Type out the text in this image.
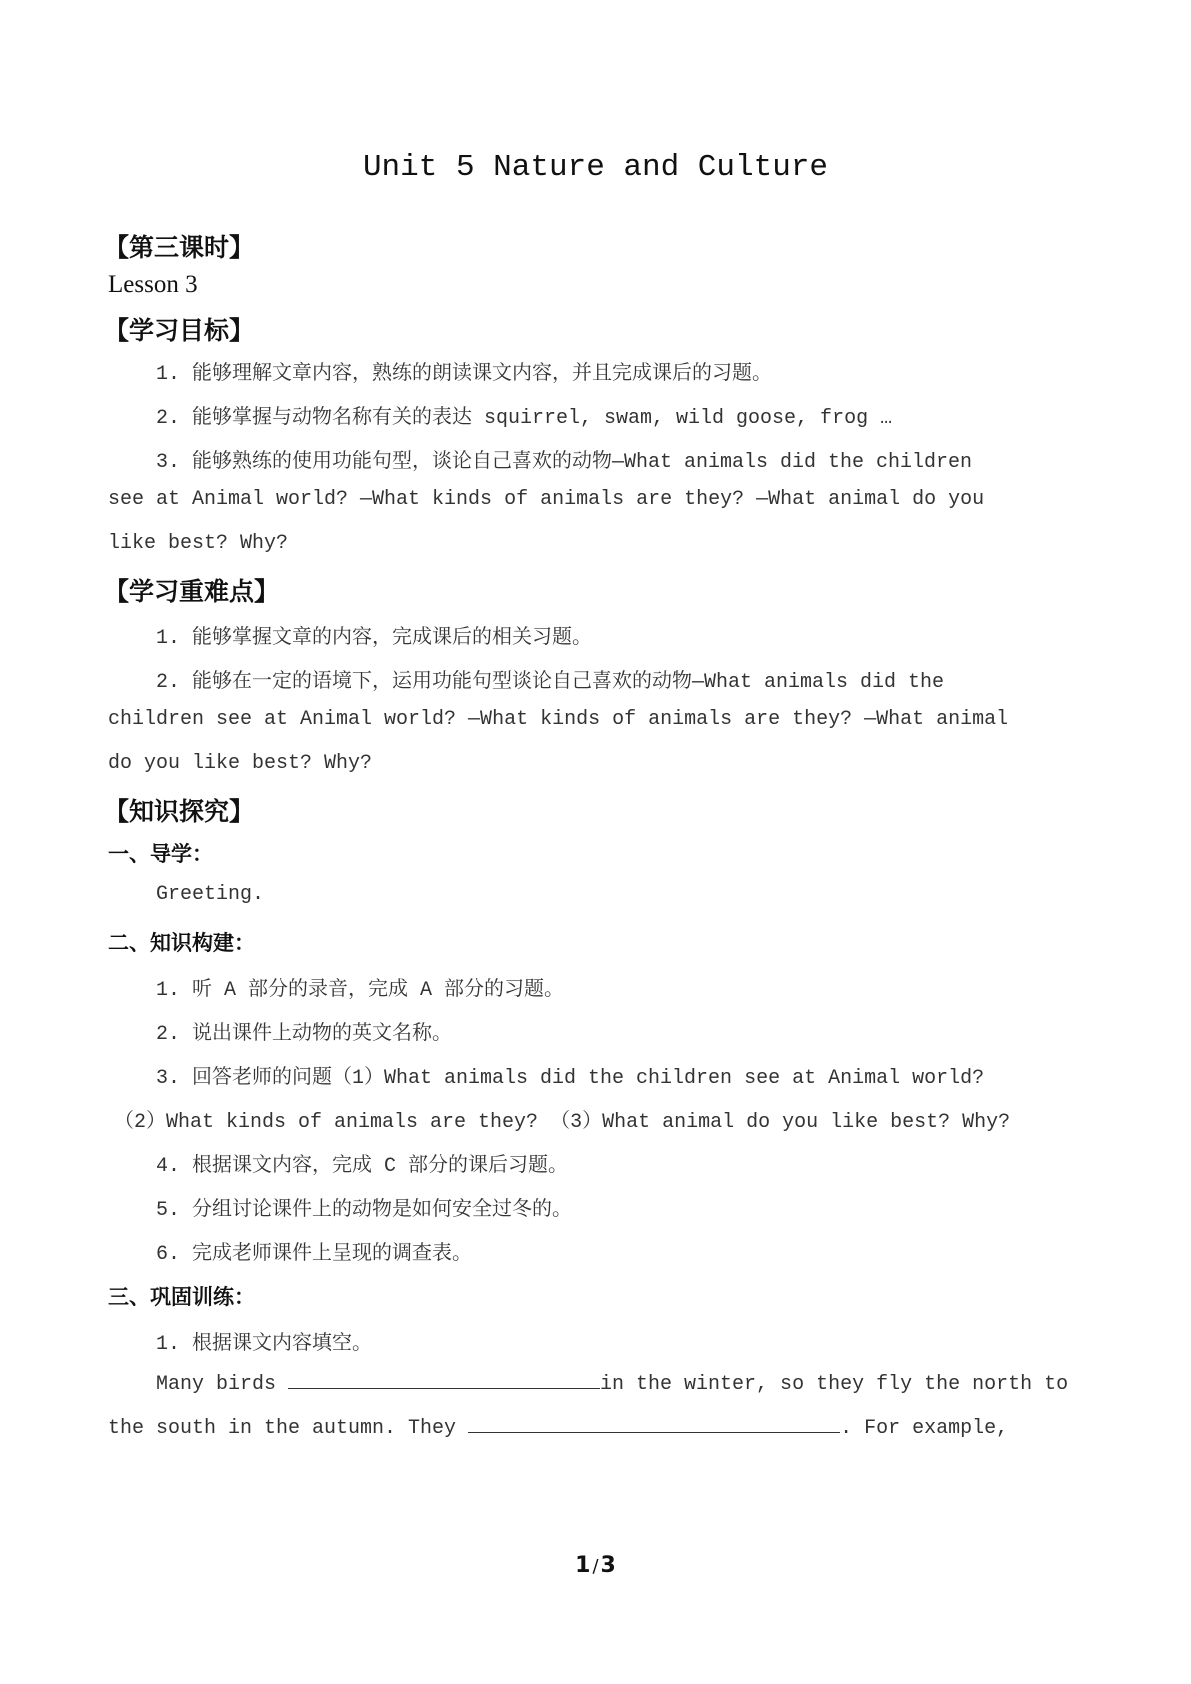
Unit 5 Nature and Culture
【第三课时】
Lesson 3
【学习目标】
1. 能够理解文章内容，熟练的朗读课文内容，并且完成课后的习题。
2. 能够掌握与动物名称有关的表达 squirrel, swam, wild goose, frog …
3. 能够熟练的使用功能句型，谈论自己喜欢的动物—What animals did the children
see at Animal world? —What kinds of animals are they? —What animal do you
like best? Why?
【学习重难点】
1. 能够掌握文章的内容，完成课后的相关习题。
2. 能够在一定的语境下，运用功能句型谈论自己喜欢的动物—What animals did the
children see at Animal world? —What kinds of animals are they? —What animal
do you like best? Why?
【知识探究】
一、导学：
Greeting.
二、知识构建：
1. 听 A 部分的录音，完成 A 部分的习题。
2. 说出课件上动物的英文名称。
3. 回答老师的问题（1）What animals did the children see at Animal world?
（2）What kinds of animals are they? （3）What animal do you like best? Why?
4. 根据课文内容，完成 C 部分的课后习题。
5. 分组讨论课件上的动物是如何安全过冬的。
6. 完成老师课件上呈现的调查表。
三、巩固训练：
1. 根据课文内容填空。
Many birds	in the winter, so they fly the north to
the south in the autumn. They	. For example,
1 /3
